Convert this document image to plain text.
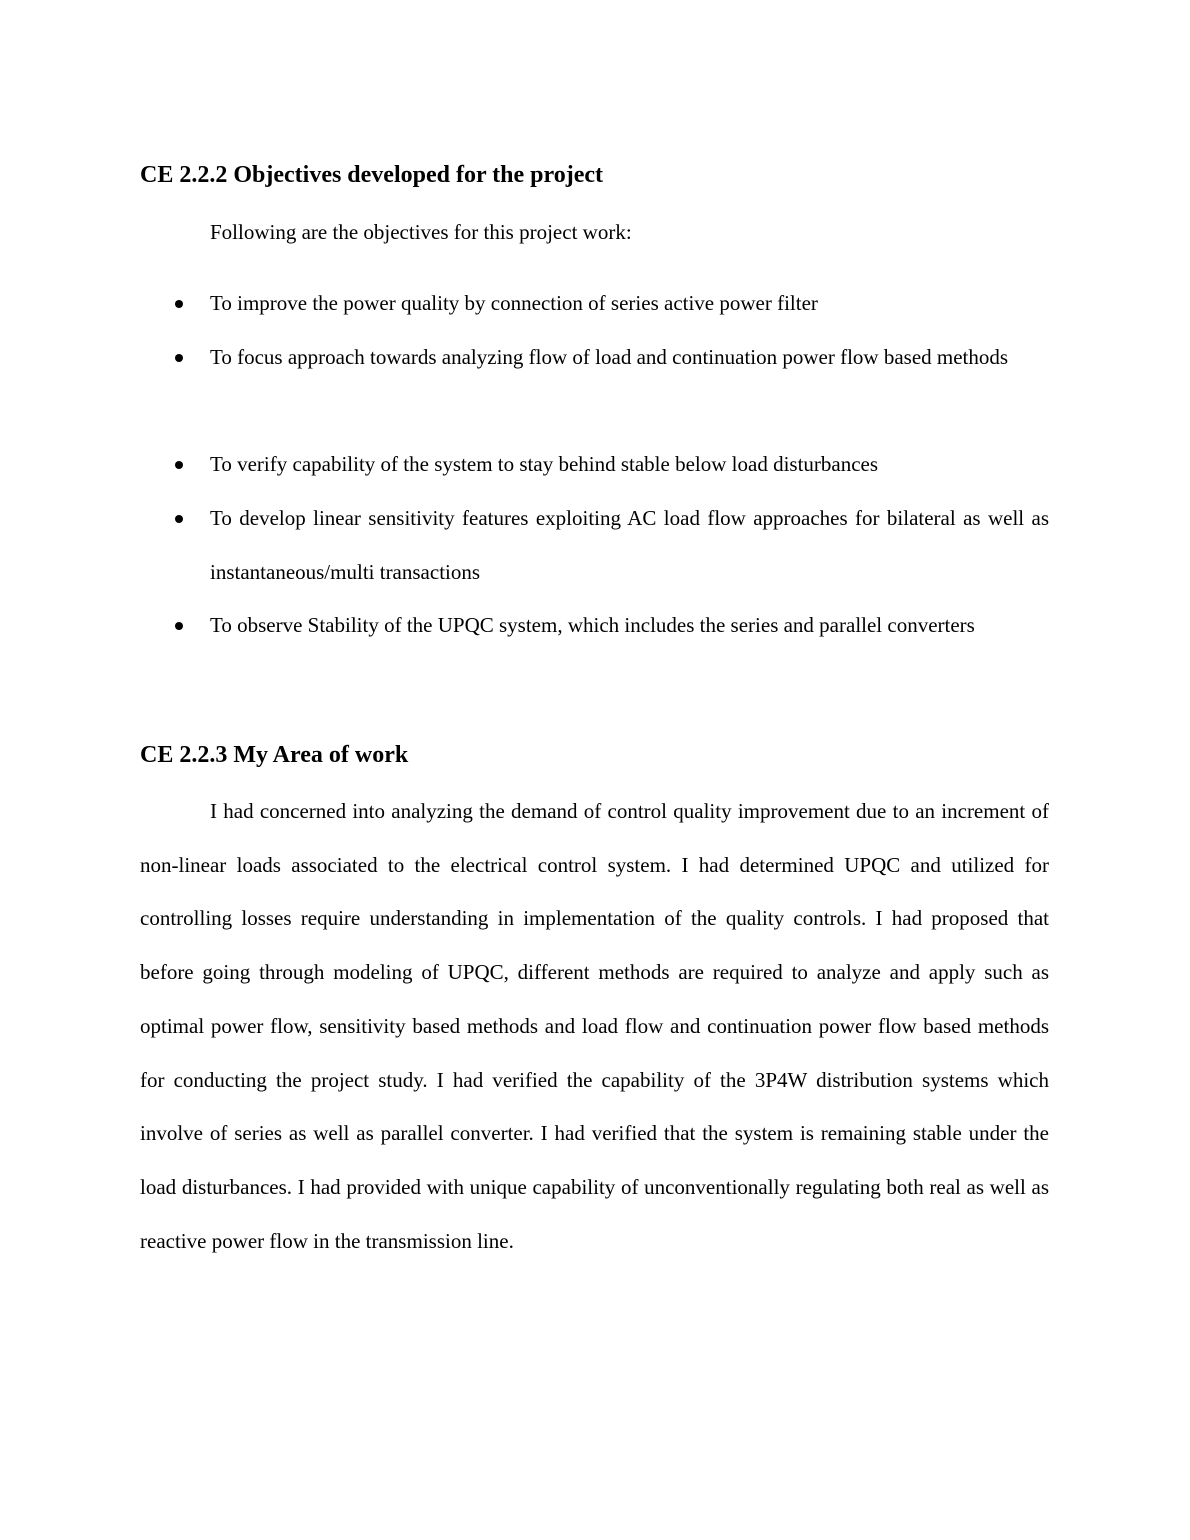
CE 2.2.2 Objectives developed for the project

Following are the objectives for this project work:

To improve the power quality by connection of series active power filter

To focus approach towards analyzing flow of load and continuation power flow based methods

To verify capability of the system to stay behind stable below load disturbances

To develop linear sensitivity features exploiting AC load flow approaches for bilateral as well as instantaneous/multi transactions

To observe Stability of the UPQC system, which includes the series and parallel converters

CE 2.2.3 My Area of work

I had concerned into analyzing the demand of control quality improvement due to an increment of non-linear loads associated to the electrical control system. I had determined UPQC and utilized for controlling losses require understanding in implementation of the quality controls. I had proposed that before going through modeling of UPQC, different methods are required to analyze and apply such as optimal power flow, sensitivity based methods and load flow and continuation power flow based methods for conducting the project study. I had verified the capability of the 3P4W distribution systems which involve of series as well as parallel converter. I had verified that the system is remaining stable under the load disturbances. I had provided with unique capability of unconventionally regulating both real as well as reactive power flow in the transmission line.
